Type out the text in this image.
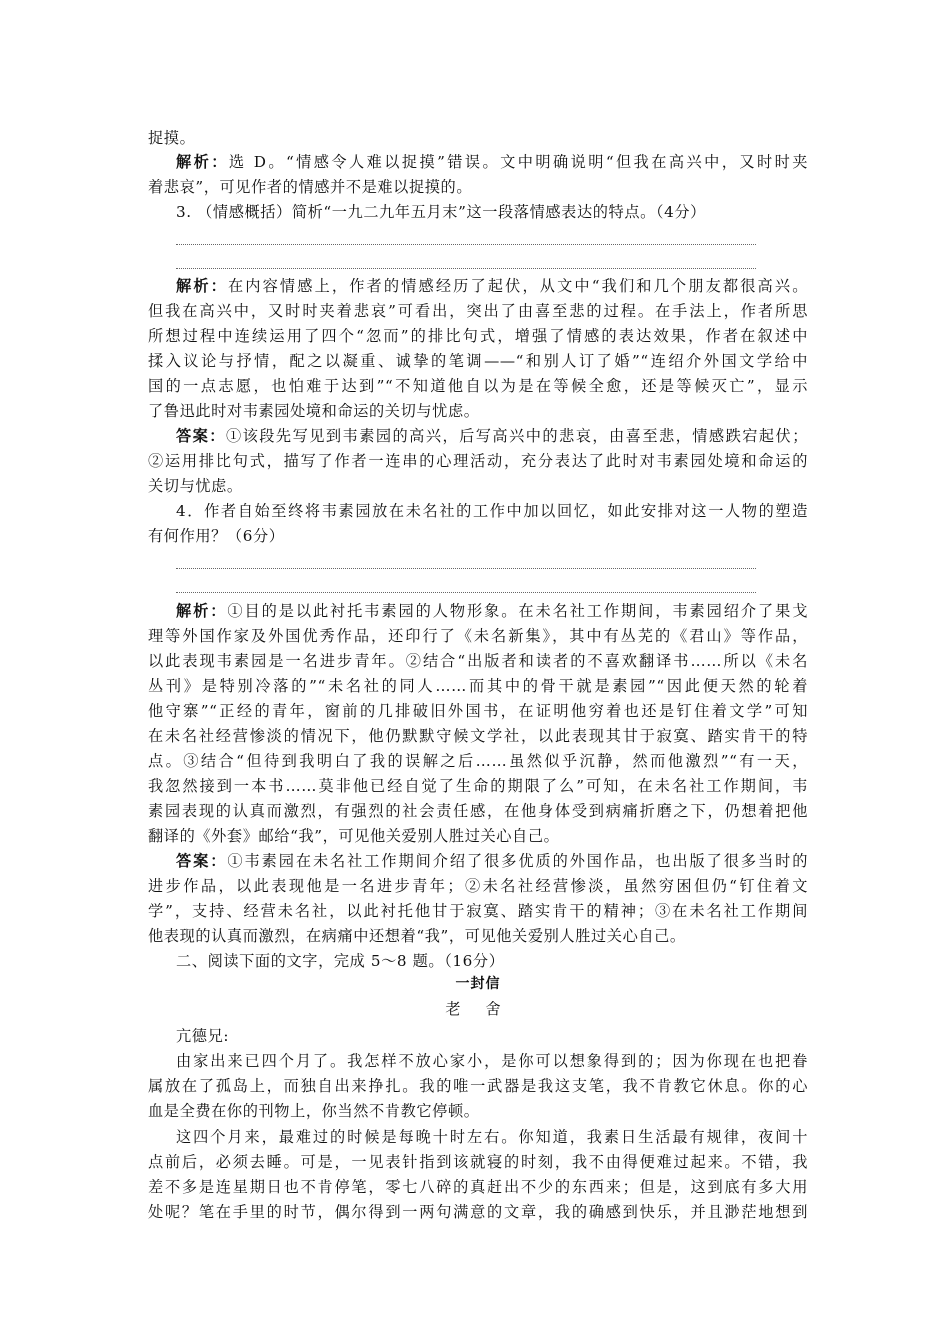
捉摸。
解析：选 D。“情感令人难以捉摸”错误。文中明确说明“但我在高兴中，又时时夹
着悲哀”，可见作者的情感并不是难以捉摸的。
3. （情感概括）简析“一九二九年五月末”这一段落情感表达的特点。（4分）
解析：在内容情感上，作者的情感经历了起伏，从文中“我们和几个朋友都很高兴。
但我在高兴中，又时时夹着悲哀”可看出，突出了由喜至悲的过程。在手法上，作者所思
所想过程中连续运用了四个“忽而”的排比句式，增强了情感的表达效果，作者在叙述中
揉入议论与抒情，配之以凝重、诚挚的笔调——“和别人订了婚”“连绍介外国文学给中
国的一点志愿，也怕难于达到”“不知道他自以为是在等候全愈，还是等候灭亡”，显示
了鲁迅此时对韦素园处境和命运的关切与忧虑。
答案：①该段先写见到韦素园的高兴，后写高兴中的悲哀，由喜至悲，情感跌宕起伏；
②运用排比句式，描写了作者一连串的心理活动，充分表达了此时对韦素园处境和命运的
关切与忧虑。
4．作者自始至终将韦素园放在未名社的工作中加以回忆，如此安排对这一人物的塑造
有何作用？（6分）
解析：①目的是以此衬托韦素园的人物形象。在未名社工作期间，韦素园绍介了果戈
理等外国作家及外国优秀作品，还印行了《未名新集》，其中有丛芜的《君山》等作品，
以此表现韦素园是一名进步青年。②结合“出版者和读者的不喜欢翻译书……所以《未名
丛刊》是特别冷落的”“未名社的同人……而其中的骨干就是素园”“因此便天然的轮着
他守寨”“正经的青年，窗前的几排破旧外国书，在证明他穷着也还是钉住着文学”可知
在未名社经营惨淡的情况下，他仍默默守候文学社，以此表现其甘于寂寞、踏实肯干的特
点。③结合“但待到我明白了我的误解之后……虽然似乎沉静，然而他激烈”“有一天，
我忽然接到一本书……莫非他已经自觉了生命的期限了么”可知，在未名社工作期间，韦
素园表现的认真而激烈，有强烈的社会责任感，在他身体受到病痛折磨之下，仍想着把他
翻译的《外套》邮给“我”，可见他关爱别人胜过关心自己。
答案：①韦素园在未名社工作期间介绍了很多优质的外国作品，也出版了很多当时的
进步作品，以此表现他是一名进步青年；②未名社经营惨淡，虽然穷困但仍“钉住着文
学”，支持、经营未名社，以此衬托他甘于寂寞、踏实肯干的精神；③在未名社工作期间
他表现的认真而激烈，在病痛中还想着“我”，可见他关爱别人胜过关心自己。
二、阅读下面的文字，完成 5～8 题。（16分）
一封信
老 舍
亢德兄:
由家出来已四个月了。我怎样不放心家小，是你可以想象得到的；因为你现在也把眷
属放在了孤岛上，而独自出来挣扎。我的唯一武器是我这支笔，我不肯教它休息。你的心
血是全费在你的刊物上，你当然不肯教它停顿。
这四个月来，最难过的时候是每晚十时左右。你知道，我素日生活最有规律，夜间十
点前后，必须去睡。可是，一见表针指到该就寝的时刻，我不由得便难过起来。不错，我
差不多是连星期日也不肯停笔，零七八碎的真赶出不少的东西来；但是，这到底有多大用
处呢？笔在手里的时节，偶尔得到一两句满意的文章，我的确感到快乐，并且渺茫地想到
